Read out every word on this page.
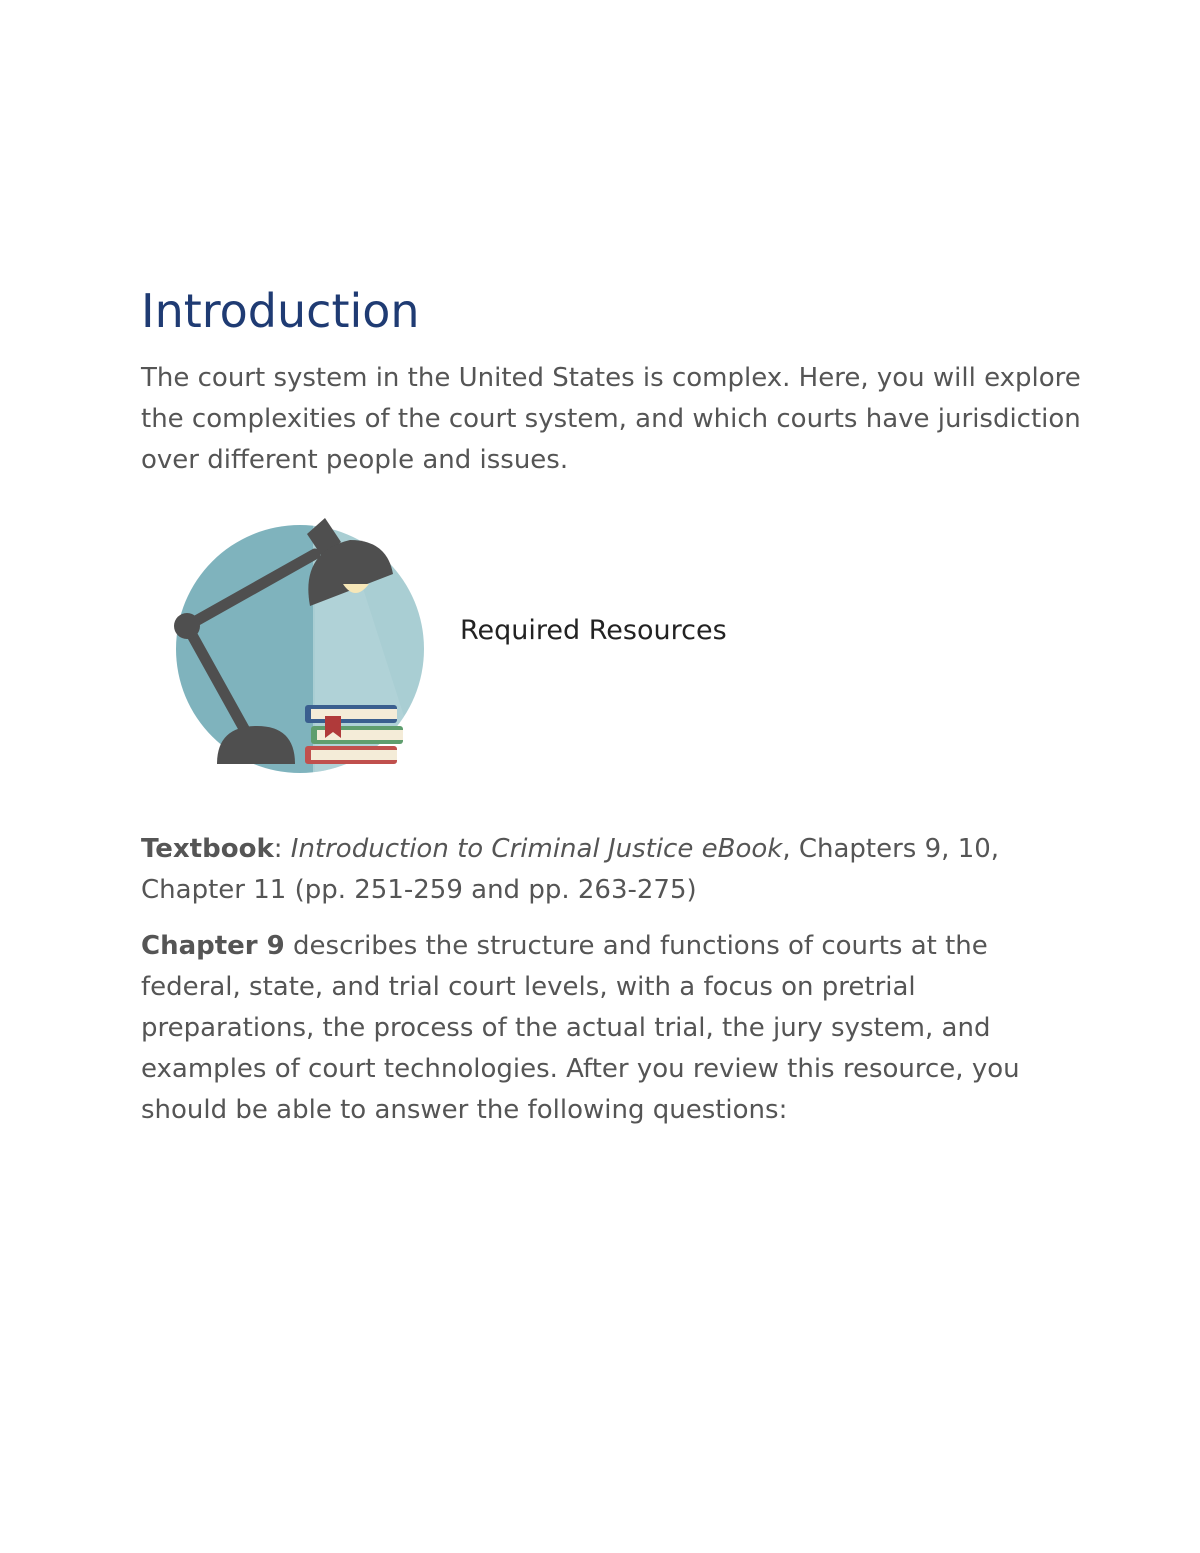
Introduction

The court system in the United States is complex. Here, you will explore the complexities of the court system, and which courts have jurisdiction over different people and issues.

Required Resources

Textbook: Introduction to Criminal Justice eBook, Chapters 9, 10, Chapter 11 (pp. 251-259 and pp. 263-275)

Chapter 9 describes the structure and functions of courts at the federal, state, and trial court levels, with a focus on pretrial preparations, the process of the actual trial, the jury system, and examples of court technologies. After you review this resource, you should be able to answer the following questions:
